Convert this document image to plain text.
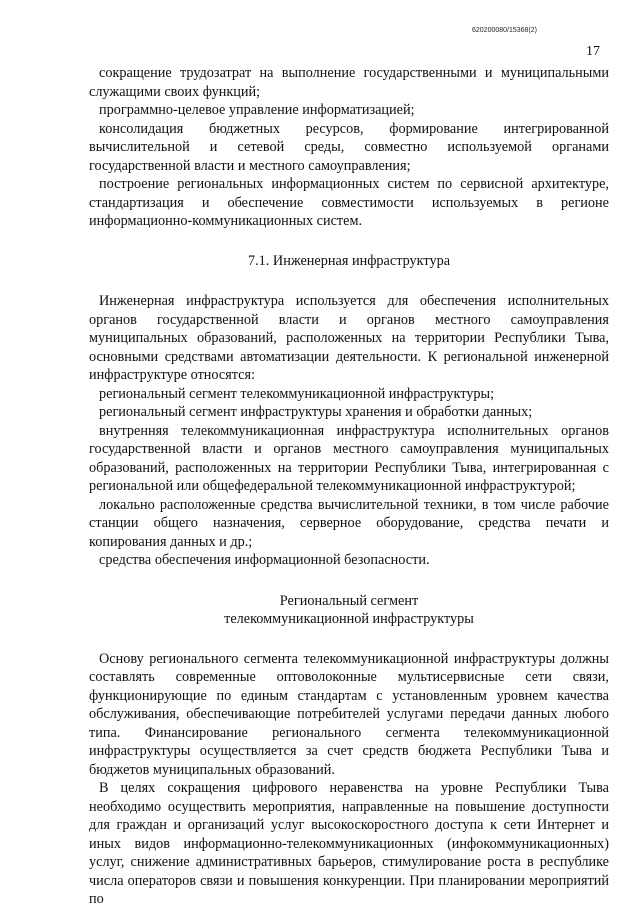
620200080/15368(2)
17

сокращение трудозатрат на выполнение государственными и муниципальными служащими своих функций;

программно-целевое управление информатизацией;

консолидация бюджетных ресурсов, формирование интегрированной вычислительной и сетевой среды, совместно используемой органами государственной власти и местного самоуправления;

построение региональных информационных систем по сервисной архитектуре, стандартизация и обеспечение совместимости используемых в регионе информационно-коммуникационных систем.

7.1. Инженерная инфраструктура

Инженерная инфраструктура используется для обеспечения исполнительных органов государственной власти и органов местного самоуправления муниципальных образований, расположенных на территории Республики Тыва, основными средствами автоматизации деятельности. К региональной инженерной инфраструктуре относятся:

региональный сегмент телекоммуникационной инфраструктуры;

региональный сегмент инфраструктуры хранения и обработки данных;

внутренняя телекоммуникационная инфраструктура исполнительных органов государственной власти и органов местного самоуправления муниципальных образований, расположенных на территории Республики Тыва, интегрированная с региональной или общефедеральной телекоммуникационной инфраструктурой;

локально расположенные средства вычислительной техники, в том числе рабочие станции общего назначения, серверное оборудование, средства печати и копирования данных и др.;

средства обеспечения информационной безопасности.

Региональный сегмент

телекоммуникационной инфраструктуры

Основу регионального сегмента телекоммуникационной инфраструктуры должны составлять современные оптоволоконные мультисервисные сети связи, функционирующие по единым стандартам с установленным уровнем качества обслуживания, обеспечивающие потребителей услугами передачи данных любого типа. Финансирование регионального сегмента телекоммуникационной инфраструктуры осуществляется за счет средств бюджета Республики Тыва и бюджетов муниципальных образований.

В целях сокращения цифрового неравенства на уровне Республики Тыва необходимо осуществить мероприятия, направленные на повышение доступности для граждан и организаций услуг высокоскоростного доступа к сети Интернет и иных видов информационно-телекоммуникационных (инфокоммуникационных) услуг, снижение административных барьеров, стимулирование роста в республике числа операторов связи и повышения конкуренции. При планировании мероприятий по
